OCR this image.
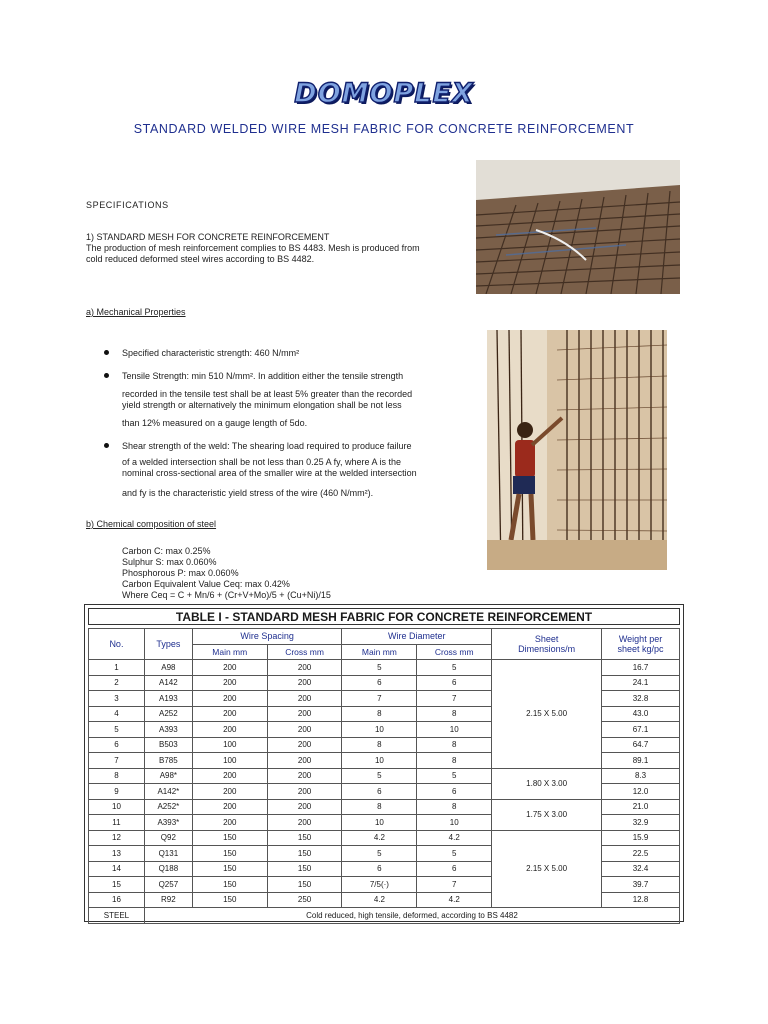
DOMOPLEX
STANDARD WELDED WIRE MESH FABRIC FOR CONCRETE REINFORCEMENT
SPECIFICATIONS
1) STANDARD MESH FOR CONCRETE REINFORCEMENT
The production of mesh reinforcement complies to BS 4483. Mesh is produced from
cold reduced deformed steel wires according to BS 4482.
a) Mechanical Properties
Specified characteristic strength: 460 N/mm²
Tensile Strength: min 510 N/mm². In addition either the tensile strength
recorded in the tensile test shall be at least 5% greater than the recorded
yield strength or alternatively the minimum elongation shall be not less
than 12% measured on a gauge length of 5do.
Shear strength of the weld: The shearing load required to produce failure
of a welded intersection shall be not less than 0.25 A fy, where A is the
nominal cross-sectional area of the smaller wire at the welded intersection
and fy is the characteristic yield stress of the wire (460 N/mm²).
b) Chemical composition of steel
Carbon C: max 0.25%
Sulphur S: max 0.060%
Phosphorous P: max 0.060%
Carbon Equivalent Value Ceq: max 0.42%
Where Ceq = C + Mn/6 + (Cr+V+Mo)/5 + (Cu+Ni)/15
TABLE I - STANDARD MESH FABRIC FOR CONCRETE REINFORCEMENT
No.	Types	Wire Spacing		Wire Diameter		Sheet Dimensions/m	Weight per sheet kg/pc
		Main mm	Cross mm	Main mm	Cross mm		
1	A98	200	200	5	5	2.15 X 5.00	16.7
2	A142	200	200	6	6		24.1
3	A193	200	200	7	7		32.8
4	A252	200	200	8	8		43.0
5	A393	200	200	10	10		67.1
6	B503	100	200	8	8		64.7
7	B785	100	200	10	8		89.1
8	A98*	200	200	5	5	1.80 X 3.00	8.3
9	A142*	200	200	6	6		12.0
10	A252*	200	200	8	8	1.75 X 3.00	21.0
11	A393*	200	200	10	10		32.9
12	Q92	150	150	4.2	4.2	2.15 X 5.00	15.9
13	Q131	150	150	5	5		22.5
14	Q188	150	150	6	6		32.4
15	Q257	150	150	7/5(·)	7		39.7
16	R92	150	250	4.2	4.2		12.8
STEEL	Cold reduced, high tensile, deformed, according to BS 4482						
